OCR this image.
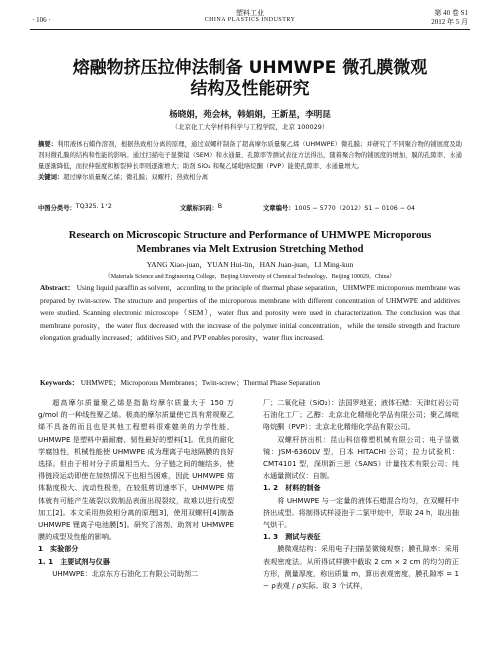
· 106 ·
塑料工业
CHINA PLASTICS INDUSTRY
第 40 卷 S1
2012 年 5 月
熔融物挤压拉伸法制备 UHMWPE 微孔膜微观
结构及性能研究
杨晓娟，苑会林，韩娟娟，王新星，李明昆
（北京化工大学材料科学与工程学院，北京 100029）
摘要：利用液体石蜡作溶剂，根据热致相分离的原理，通过双螺杆制备了超高摩尔质量聚乙烯（UHMWPE）微孔膜；并研究了不同聚合物的铺展度及助剂对微孔膜的结构和性能的影响。通过扫描电子显微镜（SEM）和水通量、孔隙率等测试表征方法得出，随着聚合物的铺展度的增加，膜的孔隙率、水通量逐渐降低，而拉伸强度和断裂伸长率则逐渐增大；助剂 SiO₂ 和聚乙烯吡咯烷酮（PVP）能使孔隙率、水通量增大。
关键词：超过摩尔质量聚乙烯；微孔膜；双螺杆；热致相分离
中图分类号： TQ325. 1⁺2	文献标识码： B	文章编号： 1005 − 5770（2012）S1 − 0106 − 04
Research on Microscopic Structure and Performance of UHMWPE Microporous
Membranes via Melt Extrusion Stretching Method
YANG Xiao-juan，YUAN Hui-lin，HAN Juan-juan，LI Ming-kun
（Materials Science and Engineering College，Beijing University of Chemical Technology，Beijing 100029，China）
Abstract： Using liquid paraffin as solvent，according to the principle of thermal phase separation，UHMWPE microporous membrane was prepared by twin-screw. The structure and properties of the microporous membrane with different concentration of UHMWPE and additives were studied. Scanning electronic microscope（SEM），water flux and porosity were used in characterization. The conclusion was that membrane porosity，the water flux decreased with the increase of the polymer initial concentration，while the tensile strength and fracture elongation gradually increased；additives SiO₂ and PVP enables porosity，water flux increased.
Keywords： UHMWPE；Microporous Membranes；Twin-screw；Thermal Phase Separation

超高摩尔质量聚乙烯是指黏均摩尔质量大于 150 万 g/mol 的一种线性聚乙烯。极高的摩尔质量使它具有常规聚乙烯不具备的而且也是其他工程塑料很难媲美的力学性能，UHMWPE 是塑料中最耐磨、韧性最好的塑料[1]。优良的耐化学腐蚀性，机械性能使 UHMWPE 成为理离子电池隔膜的良好选择。但由于相对分子质量相当大、分子链之间的缠结多，使得链段运动即使在加热情况下也相当困难，因此 UHMWPE 熔体黏度极大、流动性极差，在较低剪切速率下，UHMWPE 熔体就有可能产生破裂以致制品表面出现裂纹，故难以进行成型加工[2]。本文采用热致相分离的原理[3]，使用双螺杆[4]制备 UHMWPE 锂离子电池膜[5]。研究了溶剂、助剂对 UHMWPE 膜的成型及性能的影响。

1　实验部分

1. 1　主要试剂与仪器

UHMWPE：北京东方石油化工有限公司助剂二

厂；二氧化硅（SiO₂）：法国罗地亚；液体石蜡：天津红岩公司石油化工厂；乙醇：北京北化精细化学品有限公司；聚乙烯吡咯烷酮（PVP）：北京北化精细化学品有限公司。

双螺杆挤出机：昆山科信橡塑机械有限公司；电子显微镜：JSM-6360LV 型，日本 HITACHI 公司；拉力试验机：CMT4101 型，深圳新三思（SANS）计量技术有限公司；纯水通量测试仪：自制。

1. 2　材料的制备

将 UHMWPE 与一定量的液体石蜡混合均匀，在双螺杆中挤出成型。将制得试样浸泡于二氯甲烷中，萃取 24 h，取出抽气烘干。

1. 3　测试与表征

膜微观结构：采用电子扫描显微镜观察；膜孔隙率：采用表观密度法。从所得试样膜中截取 2 cm × 2 cm 的均匀的正方形，测量厚度，称出质量 m，算出表观密度，膜孔隙率 = 1 − ρ表观 / ρ实际。取 3 个试样，
